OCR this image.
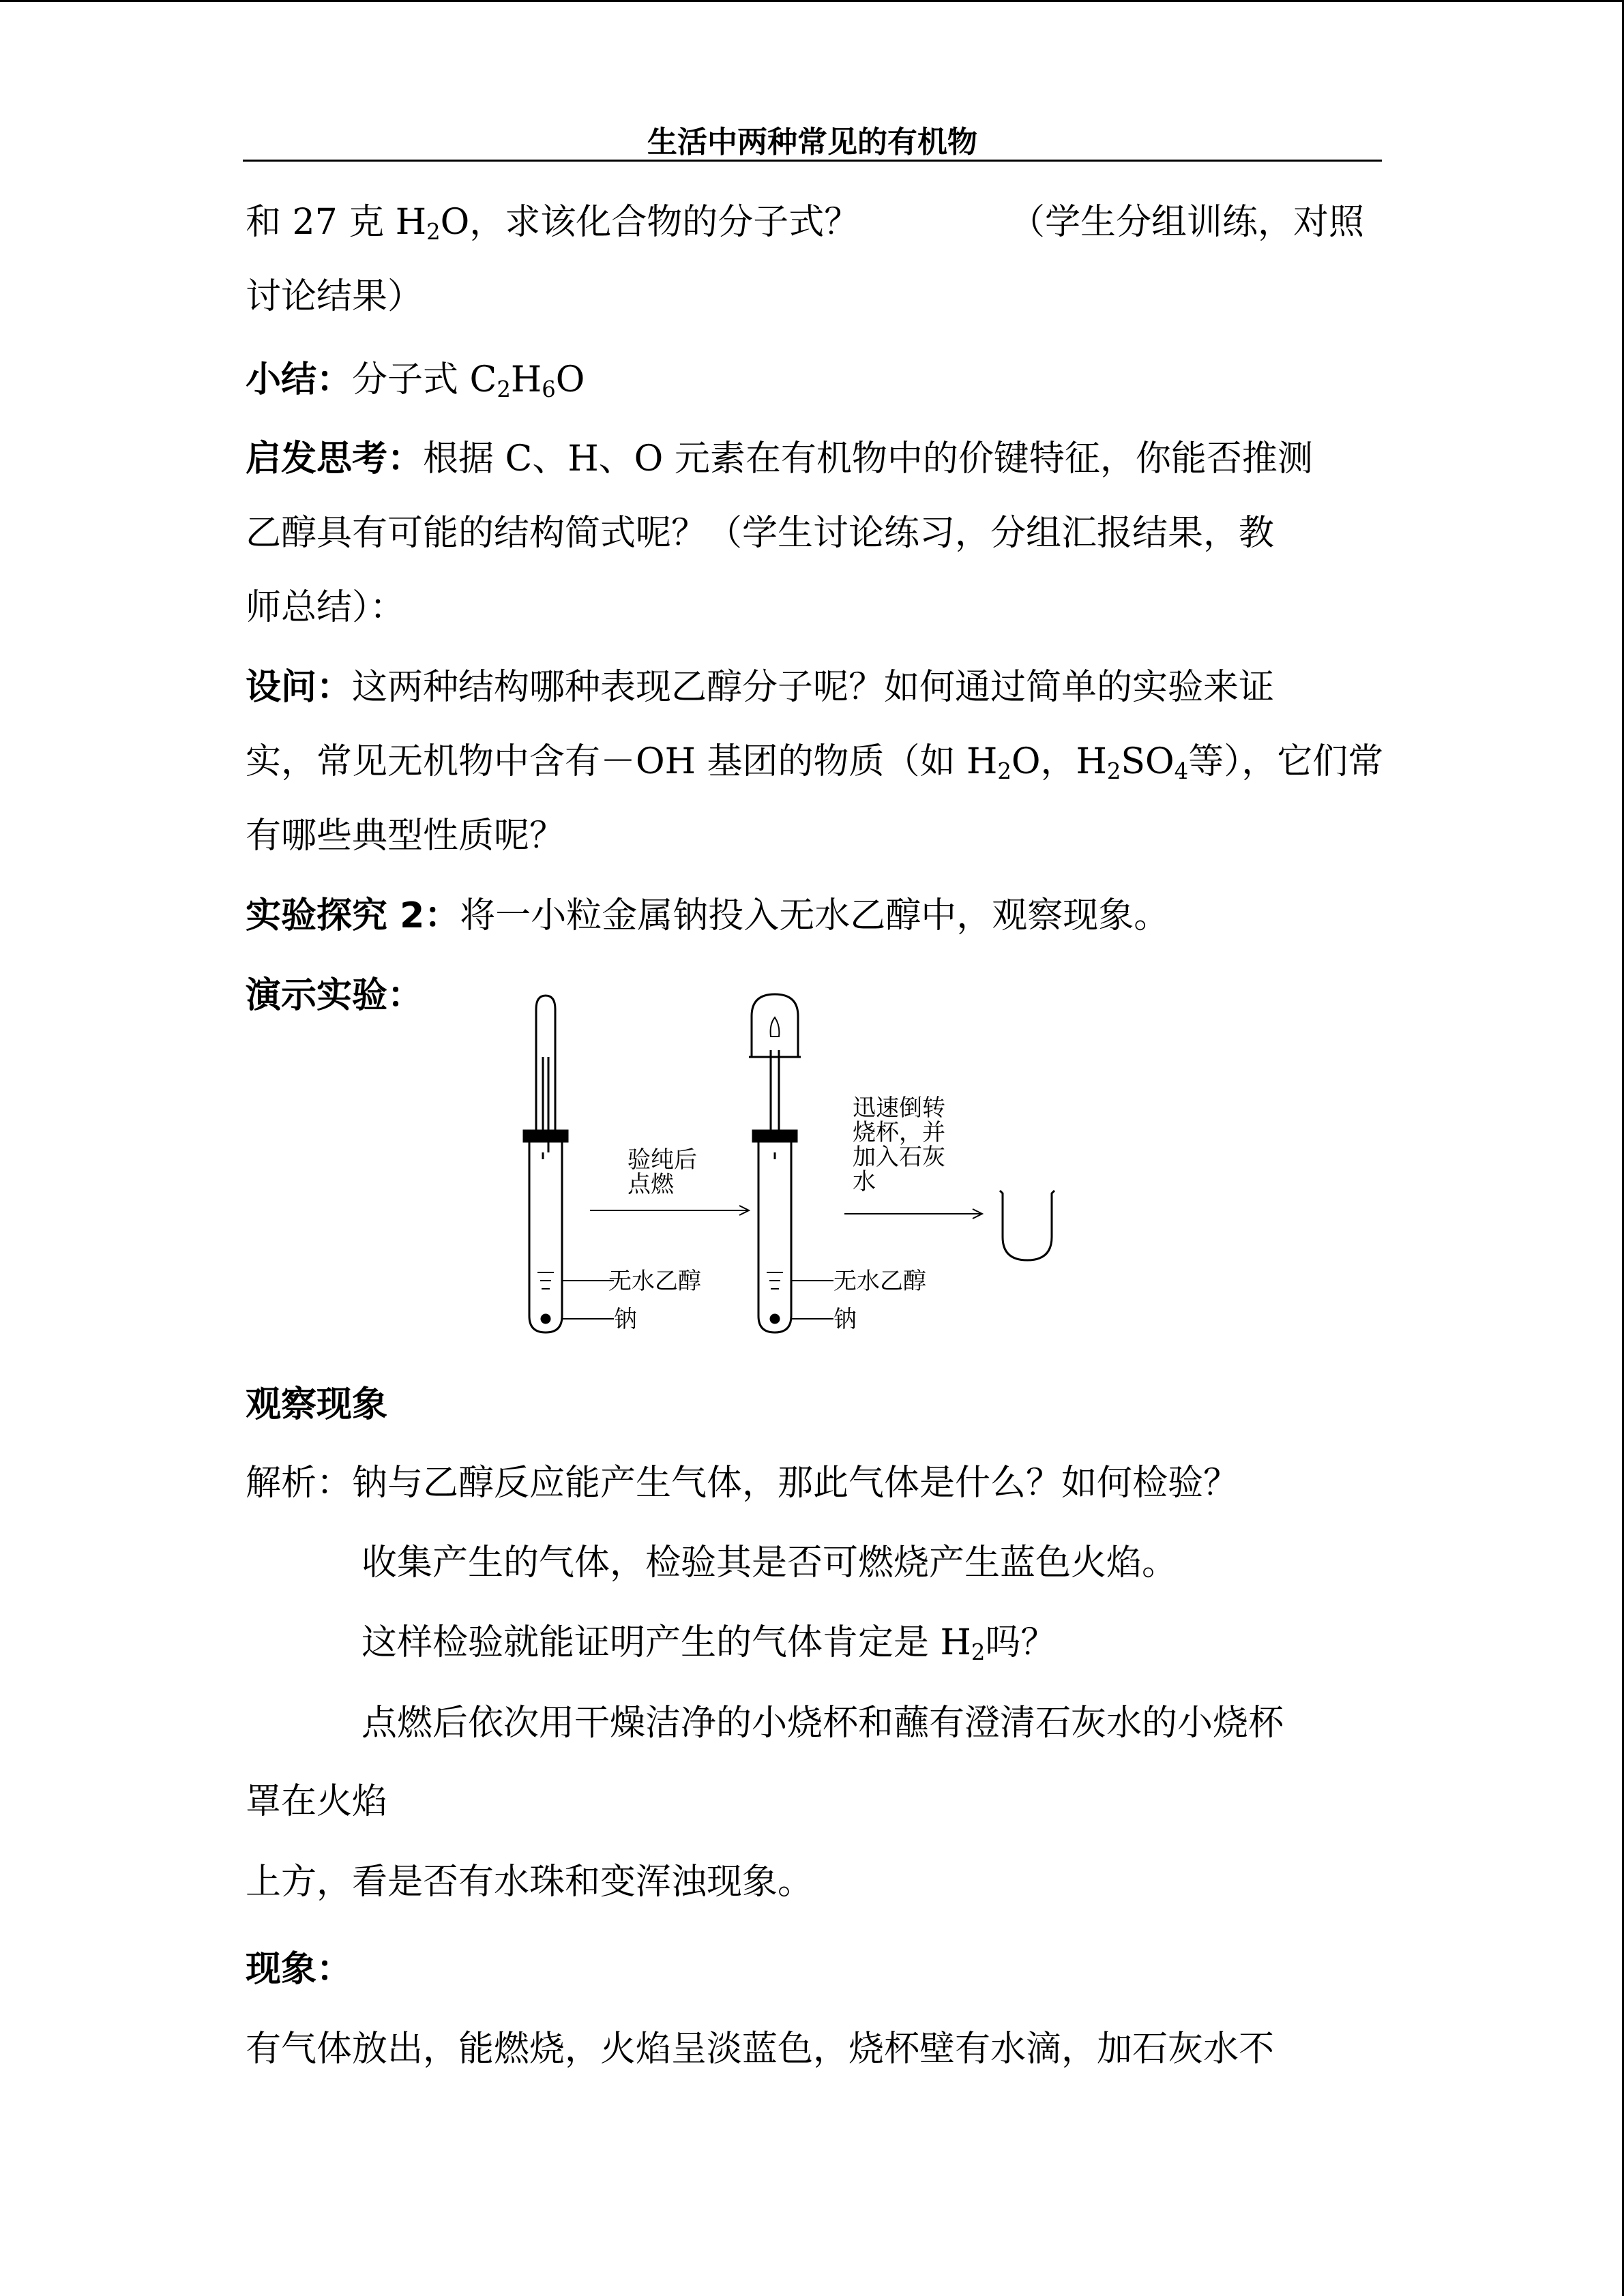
生活中两种常见的有机物
和 27 克 $H_2O$，求该化合物的分子式？	（学生分组训练，对照
讨论结果）
小结：分子式 $C_2H_6O$
启发思考：根据 C、H、O 元素在有机物中的价键特征，你能否推测
乙醇具有可能的结构简式呢？（学生讨论练习，分组汇报结果，教
师总结）：
设问：这两种结构哪种表现乙醇分子呢？如何通过简单的实验来证
实，常见无机物中含有－OH 基团的物质（如 $H_2O$，$H_2SO_4$等），它们常
有哪些典型性质呢？
实验探究 2：将一小粒金属钠投入无水乙醇中，观察现象。
演示实验：
验纯后
点燃
迅速倒转
烧杯，并
加入石灰
水
无水乙醇
钠
无水乙醇
钠
观察现象
解析：钠与乙醇反应能产生气体，那此气体是什么？如何检验？
收集产生的气体，检验其是否可燃烧产生蓝色火焰。
这样检验就能证明产生的气体肯定是 $H_2$吗？
点燃后依次用干燥洁净的小烧杯和蘸有澄清石灰水的小烧杯
罩在火焰
上方，看是否有水珠和变浑浊现象。
现象：
有气体放出，能燃烧，火焰呈淡蓝色，烧杯壁有水滴，加石灰水不
